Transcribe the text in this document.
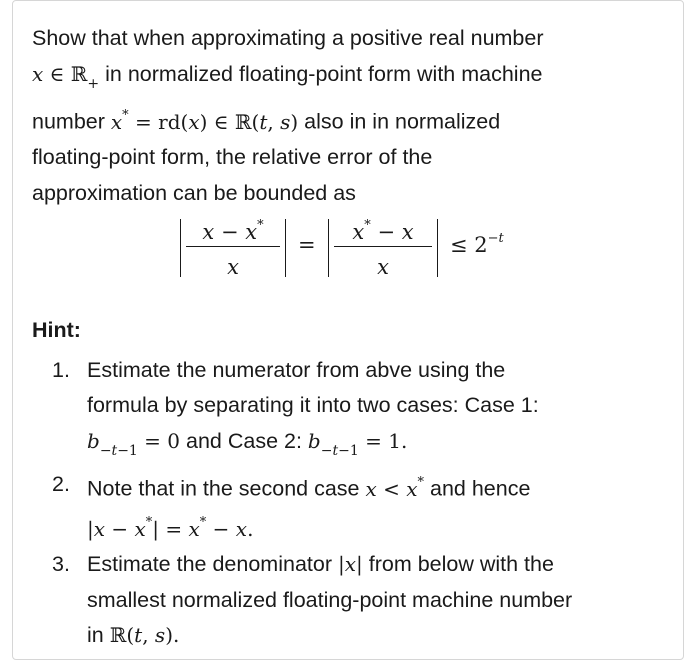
Show that when approximating a positive real number

x ∈ ℝ$_+$ in normalized floating-point form with machine

number x* = rd(x) ∈ ℝ(t, s) also in in normalized

floating-point form, the relative error of the

approximation can be bounded as

x − x*
x
=
x* − x
x
≤ $2^{-t}$
Hint:
1. Estimate the numerator from abve using the
formula by separating it into two cases: Case 1:
$b_{-t-1} = 0$ and Case 2: $b_{-t-1} = 1$.
2. Note that in the second case x < x* and hence
|x − x*| = x* − x.
3. Estimate the denominator |x| from below with the
smallest normalized floating-point machine number
in ℝ(t, s).
